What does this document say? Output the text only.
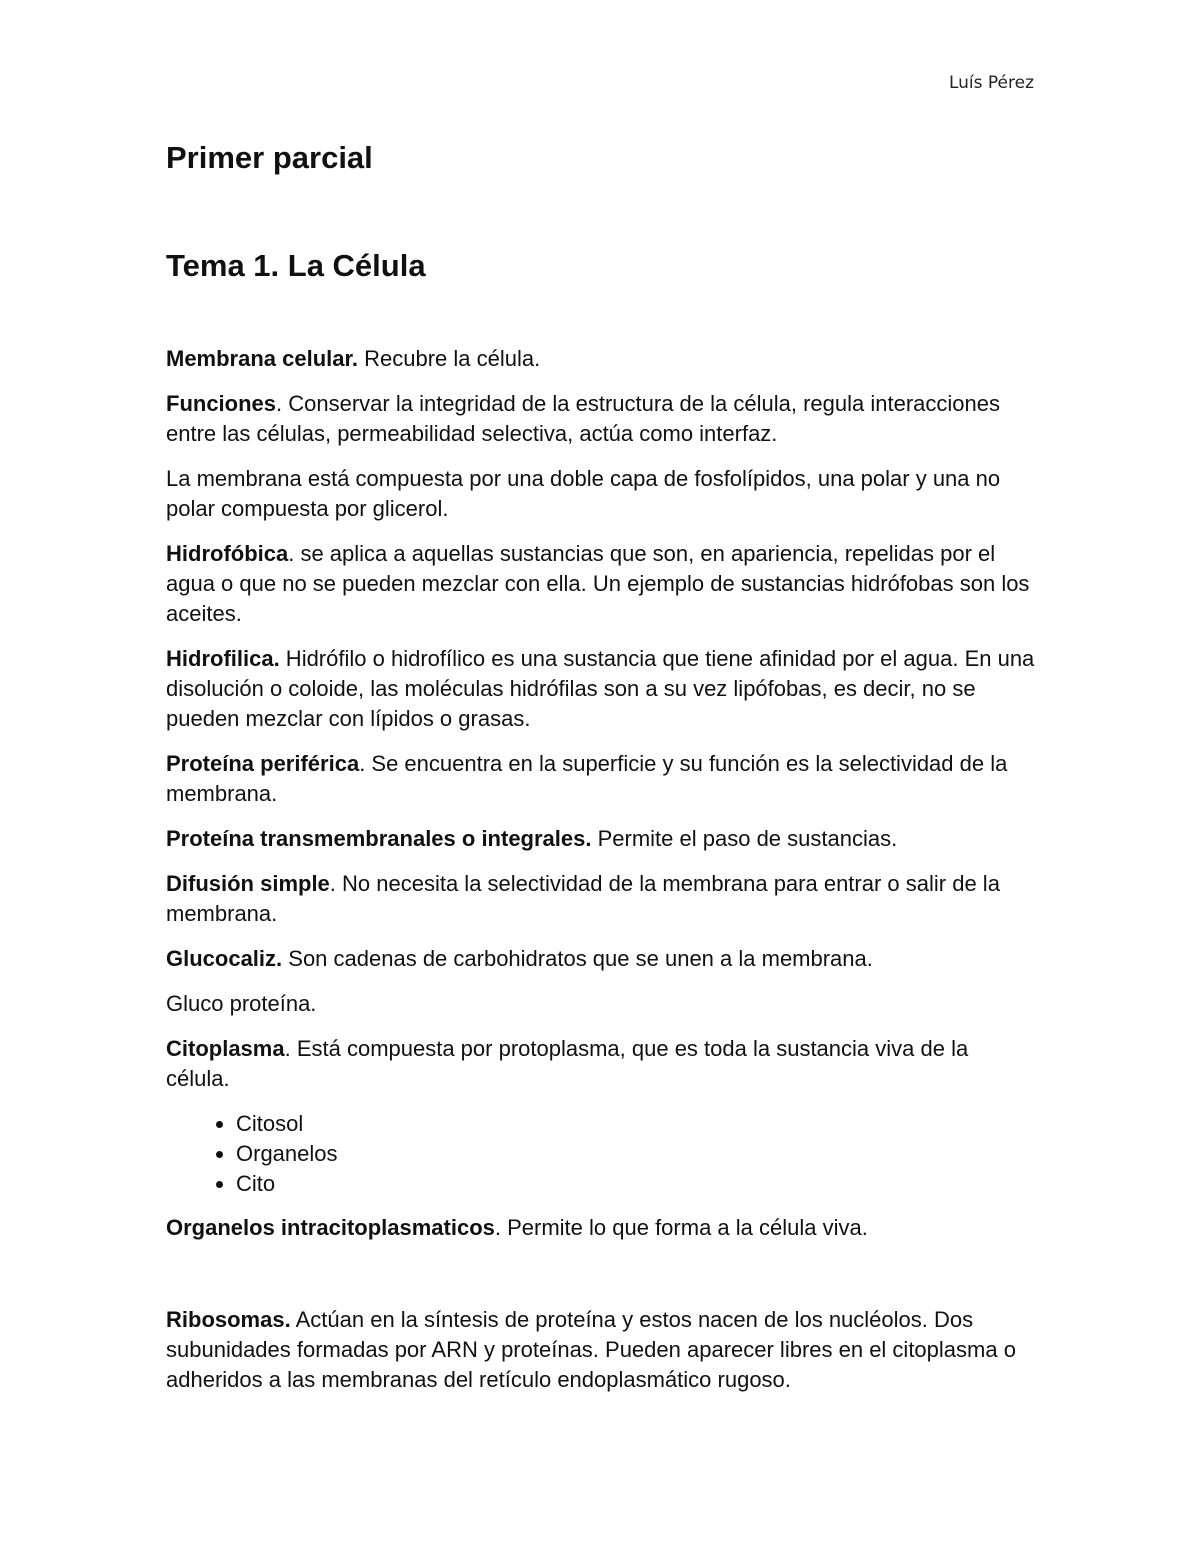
Luís Pérez
Primer parcial
Tema 1. La Célula

Membrana celular. Recubre la célula.

Funciones. Conservar la integridad de la estructura de la célula, regula interacciones entre las células, permeabilidad selectiva, actúa como interfaz.

La membrana está compuesta por una doble capa de fosfolípidos, una polar y una no polar compuesta por glicerol.

Hidrofóbica. se aplica a aquellas sustancias que son, en apariencia, repelidas por el agua o que no se pueden mezclar con ella. Un ejemplo de sustancias hidrófobas son los aceites.

Hidrofilica. Hidrófilo o hidrofílico es una sustancia que tiene afinidad por el agua. En una disolución o coloide, las moléculas hidrófilas son a su vez lipófobas, es decir, no se pueden mezclar con lípidos o grasas.

Proteína periférica. Se encuentra en la superficie y su función es la selectividad de la membrana.

Proteína transmembranales o integrales. Permite el paso de sustancias.

Difusión simple. No necesita la selectividad de la membrana para entrar o salir de la membrana.

Glucocaliz. Son cadenas de carbohidratos que se unen a la membrana.

Gluco proteína.

Citoplasma. Está compuesta por protoplasma, que es toda la sustancia viva de la célula.

• Citosol
• Organelos
• Cito

Organelos intracitoplasmaticos. Permite lo que forma a la célula viva.

Ribosomas. Actúan en la síntesis de proteína y estos nacen de los nucléolos. Dos subunidades formadas por ARN y proteínas. Pueden aparecer libres en el citoplasma o adheridos a las membranas del retículo endoplasmático rugoso.
